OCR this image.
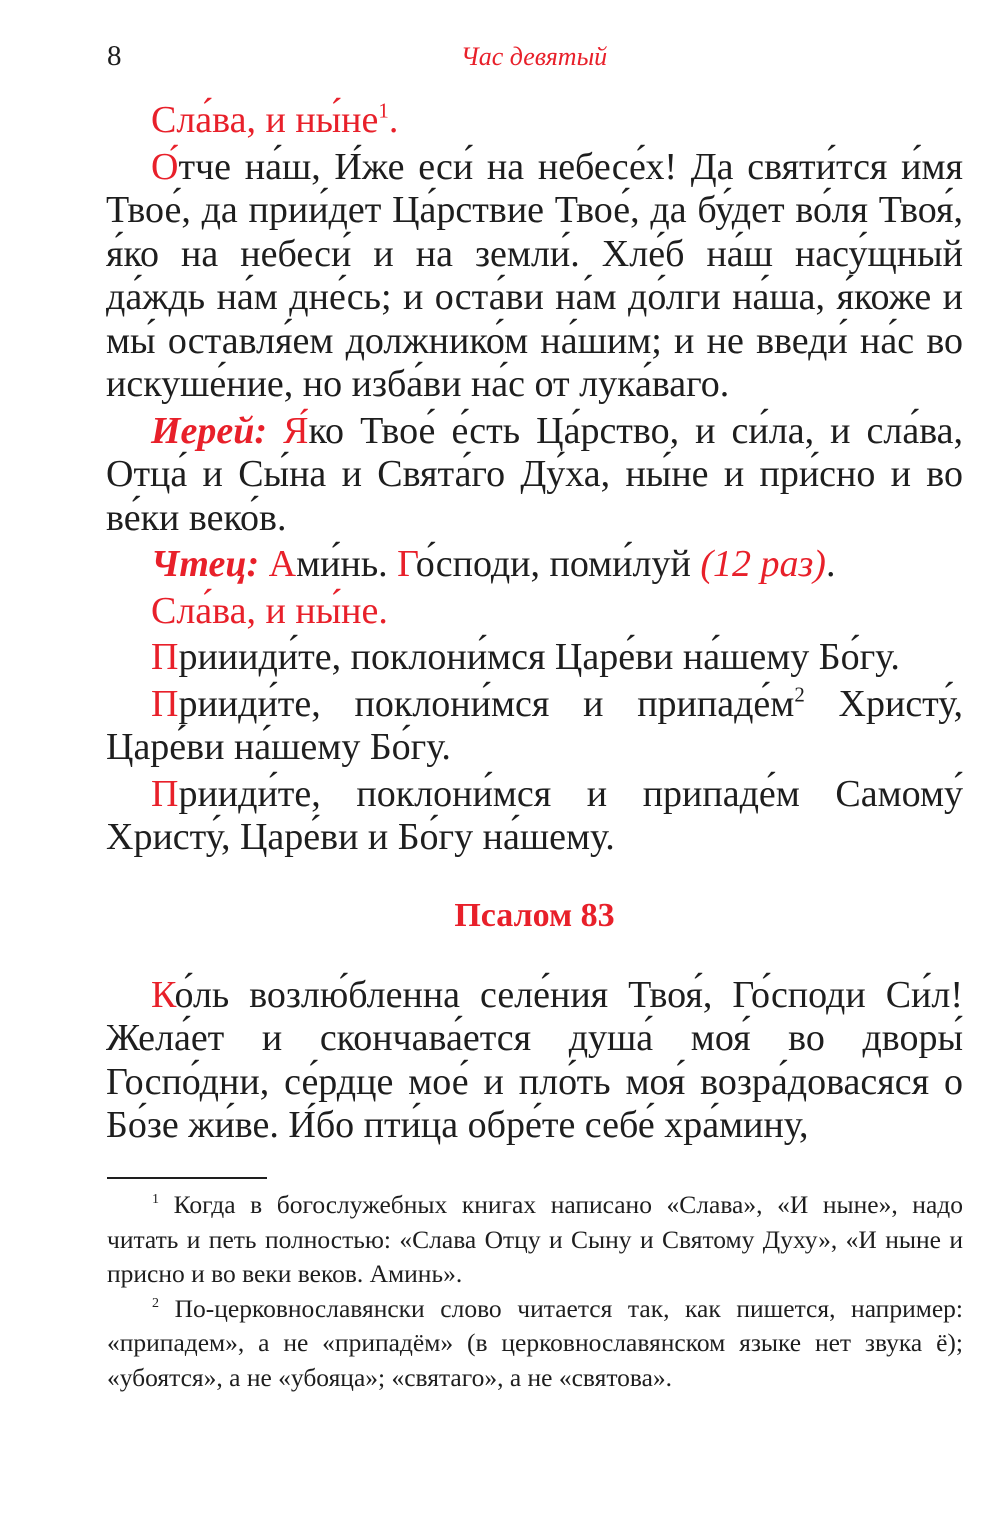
8	Час девятый

Сла́ва, и $ны́не^1$.

О́тче на́ш, И́же еси́ на небесе́х! Да святи́тся и́мя Твое́, да прии́дет Ца́рствие Твое́, да бу́дет во́ля Твоя́, я́ко на небеси́ и на земли́. Хле́б на́ш насу́щный да́ждь на́м дне́сь; и оста́ви на́м до́лги на́ша, я́коже и мы́ оставля́ем должнико́м на́шим; и не введи́ на́с во искуше́ние, но изба́ви на́с от лука́ваго.

Иерей: Я́ко Твое́ е́сть Ца́рство, и си́ла, и сла́ва, Отца́ и Сы́на и Свята́го Ду́ха, ны́не и при́сно и во ве́ки веко́в.

Чтец: Ами́нь. Го́споди, поми́луй (12 раз).

Сла́ва, и ны́не.

Приииди́те, поклони́мся Царе́ви на́шему Бо́гу.

Прииди́те, поклони́мся и $припаде́м^2$ Христу́, Царе́ви на́шему Бо́гу.

Прииди́те, поклони́мся и припаде́м Самому́ Христу́, Царе́ви и Бо́гу на́шему.

Псалом 83

Ко́ль возлю́бленна селе́ния Твоя́, Го́споди Си́л! Жела́ет и скончава́ется душа́ моя́ во дворы́ Госпо́дни, се́рдце мое́ и пло́ть моя́ возра́довасяся о Бо́зе жи́ве. И́бо пти́ца обре́те себе́ хра́мину,

$^1$ Когда в богослужебных книгах написано «Слава», «И ныне», надо читать и петь полностью: «Слава Отцу и Сыну и Святому Духу», «И ныне и присно и во веки веков. Аминь».

$^2$ По-церковнославянски слово читается так, как пишется, например: «припадем», а не «припадём» (в церковнославянском языке нет звука ё); «убоятся», а не «убояца»; «святаго», а не «святова».
